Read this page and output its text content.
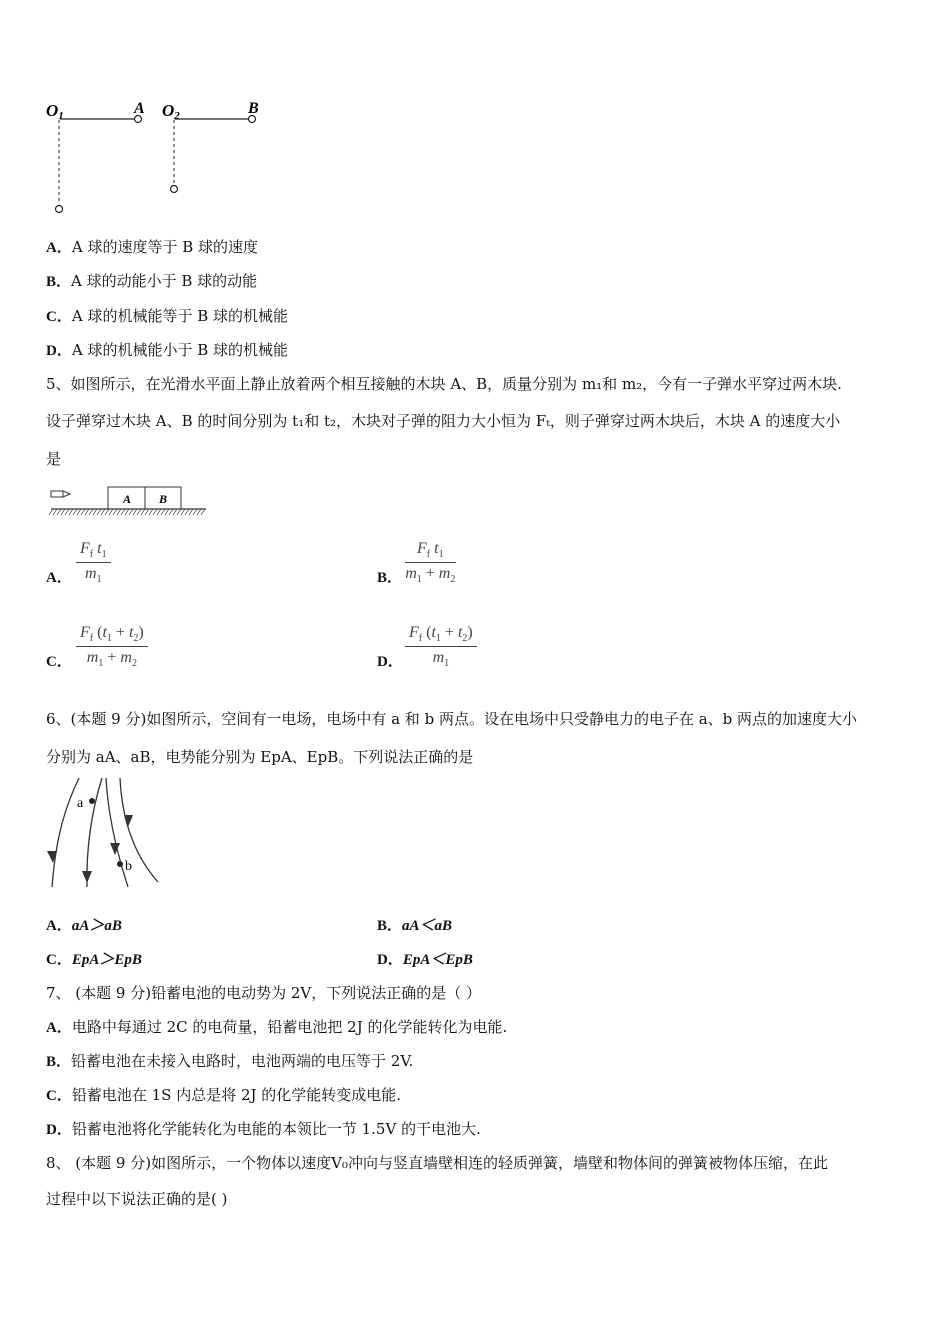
O1	A O2	B
A．A 球的速度等于 B 球的速度
B．A 球的动能小于 B 球的动能
C．A 球的机械能等于 B 球的机械能
D．A 球的机械能小于 B 球的机械能
5、如图所示，在光滑水平面上静止放着两个相互接触的木块 A、B，质量分别为 m₁和 m₂，今有一子弹水平穿过两木块.
设子弹穿过木块 A、B 的时间分别为 t₁和 t₂，木块对子弹的阻力大小恒为 Fₜ，则子弹穿过两木块后，木块 A 的速度大小
是
A B
A． $\frac{F_f t_1}{m_1}$	B． $\frac{F_f t_1}{m_1 + m_2}$
C． $\frac{F_f (t_1 + t_2)}{m_1 + m_2}$	D． $\frac{F_f (t_1 + t_2)}{m_1}$
6、(本题 9 分)如图所示，空间有一电场，电场中有 a 和 b 两点。设在电场中只受静电力的电子在 a、b 两点的加速度大小
分别为 aA、aB，电势能分别为 EpA、EpB。下列说法正确的是
a
b
A．aA＞aB	B．aA＜aB
C．EpA＞EpB	D．EpA＜EpB
7、 (本题 9 分)铅蓄电池的电动势为 2V，下列说法正确的是（ ）
A．电路中每通过 2C 的电荷量，铅蓄电池把 2J 的化学能转化为电能.
B．铅蓄电池在未接入电路时，电池两端的电压等于 2V.
C．铅蓄电池在 1S 内总是将 2J 的化学能转变成电能.
D．铅蓄电池将化学能转化为电能的本领比一节 1.5V 的干电池大.
8、 (本题 9 分)如图所示，一个物体以速度V₀冲向与竖直墙壁相连的轻质弹簧，墙壁和物体间的弹簧被物体压缩，在此
过程中以下说法正确的是( )
